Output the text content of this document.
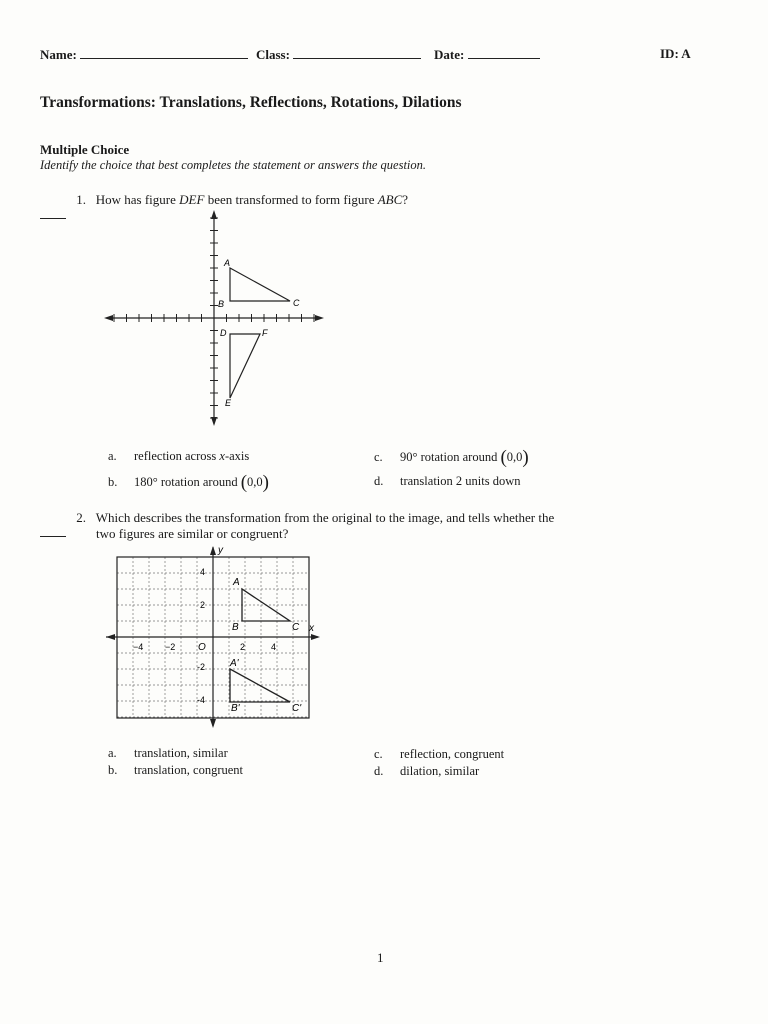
Name:	Class:	Date:	ID: A
Transformations: Translations, Reflections, Rotations, Dilations
Multiple Choice
Identify the choice that best completes the statement or answers the question.
1. How has figure DEF been transformed to form figure ABC?
A
B	C
D	F
E
a. reflection across x-axis
b. 180° rotation around (0,0)
c. 90° rotation around (0,0)
d. translation 2 units down
2. Which describes the transformation from the original to the image, and tells whether the
two figures are similar or congruent?
y
x
O
−4 −2	2	4
4
2
-2
-4
A
B	C
A'
B'	C'
a. translation, similar
b. translation, congruent
c. reflection, congruent
d. dilation, similar
1
